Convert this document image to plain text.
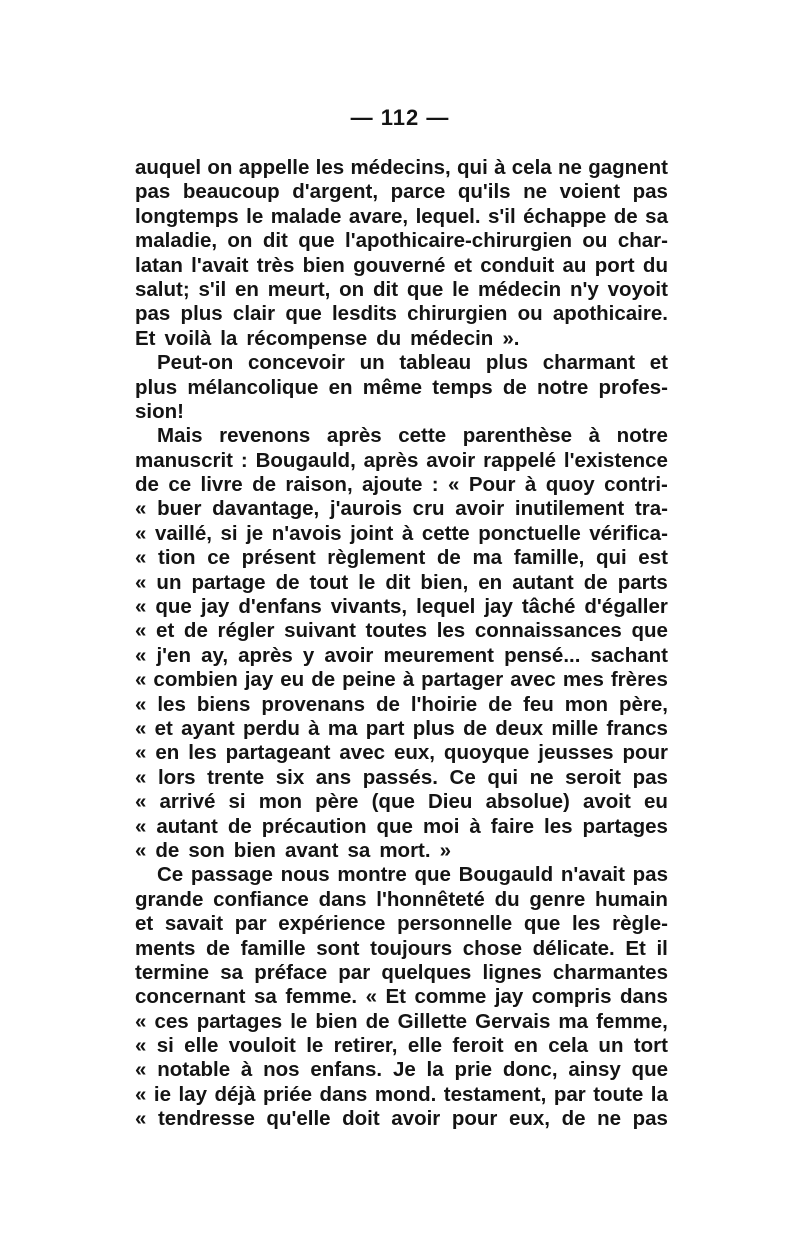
— 112 —
auquel on appelle les médecins, qui à cela ne gagnent
pas beaucoup d'argent, parce qu'ils ne voient pas
longtemps le malade avare, lequel. s'il échappe de sa
maladie, on dit que l'apothicaire-chirurgien ou char-
latan l'avait très bien gouverné et conduit au port du
salut; s'il en meurt, on dit que le médecin n'y voyoit
pas plus clair que lesdits chirurgien ou apothicaire.
Et voilà la récompense du médecin ».
Peut-on concevoir un tableau plus charmant et
plus mélancolique en même temps de notre profes-
sion!
Mais revenons après cette parenthèse à notre
manuscrit : Bougauld, après avoir rappelé l'existence
de ce livre de raison, ajoute : « Pour à quoy contri-
« buer davantage, j'aurois cru avoir inutilement tra-
« vaillé, si je n'avois joint à cette ponctuelle vérifica-
« tion ce présent règlement de ma famille, qui est
« un partage de tout le dit bien, en autant de parts
« que jay d'enfans vivants, lequel jay tâché d'égaller
« et de régler suivant toutes les connaissances que
« j'en ay, après y avoir meurement pensé... sachant
« combien jay eu de peine à partager avec mes frères
« les biens provenans de l'hoirie de feu mon père,
« et ayant perdu à ma part plus de deux mille francs
« en les partageant avec eux, quoyque jeusses pour
« lors trente six ans passés. Ce qui ne seroit pas
« arrivé si mon père (que Dieu absolue) avoit eu
« autant de précaution que moi à faire les partages
« de son bien avant sa mort. »
Ce passage nous montre que Bougauld n'avait pas
grande confiance dans l'honnêteté du genre humain
et savait par expérience personnelle que les règle-
ments de famille sont toujours chose délicate. Et il
termine sa préface par quelques lignes charmantes
concernant sa femme. « Et comme jay compris dans
« ces partages le bien de Gillette Gervais ma femme,
« si elle vouloit le retirer, elle feroit en cela un tort
« notable à nos enfans. Je la prie donc, ainsy que
« ie lay déjà priée dans mond. testament, par toute la
« tendresse qu'elle doit avoir pour eux, de ne pas
